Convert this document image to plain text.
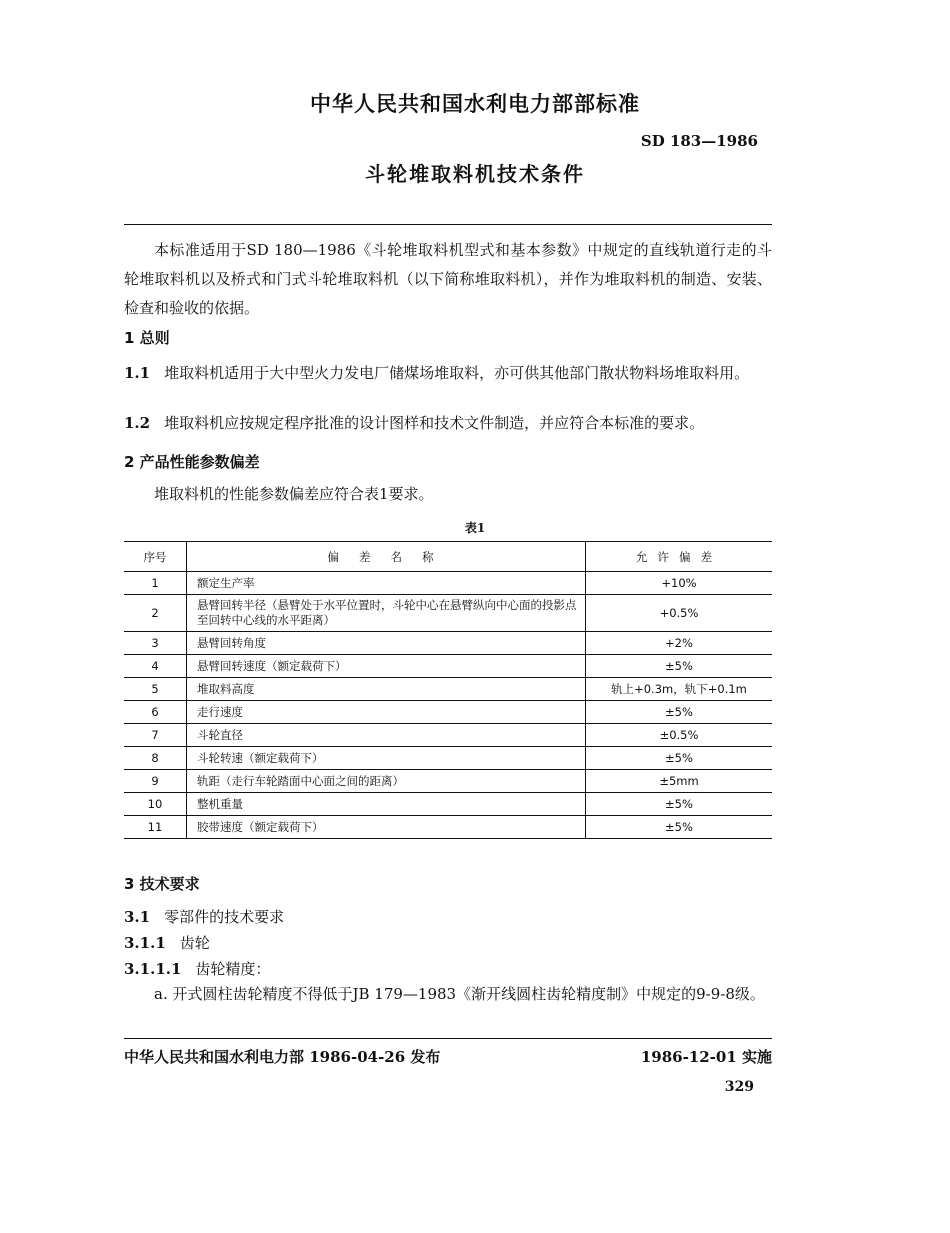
中华人民共和国水利电力部部标准
SD 183—1986
斗轮堆取料机技术条件
本标准适用于SD 180—1986《斗轮堆取料机型式和基本参数》中规定的直线轨道行走的斗轮堆取料机以及桥式和门式斗轮堆取料机（以下简称堆取料机），并作为堆取料机的制造、安装、检查和验收的依据。
1 总则
1.1 堆取料机适用于大中型火力发电厂储煤场堆取料，亦可供其他部门散状物料场堆取料用。
1.2 堆取料机应按规定程序批准的设计图样和技术文件制造，并应符合本标准的要求。
2 产品性能参数偏差
堆取料机的性能参数偏差应符合表1要求。
表1
序号	偏差名称	允许偏差
1	额定生产率	+10%
2	悬臂回转半径（悬臂处于水平位置时，斗轮中心在悬臂纵向中心面的投影点至回转中心线的水平距离）	+0.5%
3	悬臂回转角度	+2%
4	悬臂回转速度（额定载荷下）	±5%
5	堆取料高度	轨上+0.3m，轨下+0.1m
6	走行速度	±5%
7	斗轮直径	±0.5%
8	斗轮转速（额定载荷下）	±5%
9	轨距（走行车轮踏面中心面之间的距离）	±5mm
10	整机重量	±5%
11	胶带速度（额定载荷下）	±5%
3 技术要求
3.1 零部件的技术要求
3.1.1 齿轮
3.1.1.1 齿轮精度：
a. 开式圆柱齿轮精度不得低于JB 179—1983《渐开线圆柱齿轮精度制》中规定的9-9-8级。
中华人民共和国水利电力部 1986-04-26 发布	1986-12-01 实施
329
